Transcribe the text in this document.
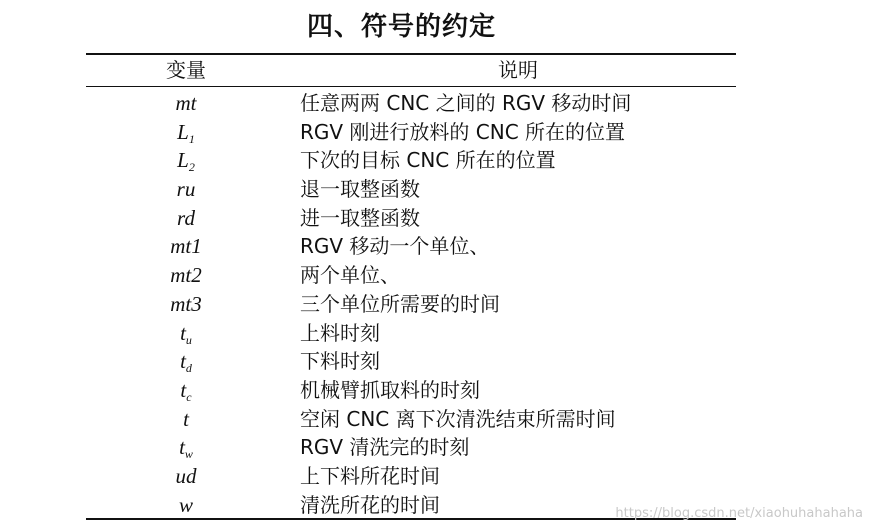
四、符号的约定
变量	说明
mt	任意两两 CNC 之间的 RGV 移动时间
$L_1$	RGV 刚进行放料的 CNC 所在的位置
$L_2$	下次的目标 CNC 所在的位置
ru	退一取整函数
rd	进一取整函数
mt1	RGV 移动一个单位、
mt2	两个单位、
mt3	三个单位所需要的时间
$t_u$	上料时刻
$t_d$	下料时刻
$t_c$	机械臂抓取料的时刻
t	空闲 CNC 离下次清洗结束所需时间
$t_w$	RGV 清洗完的时刻
ud	上下料所花时间
w	清洗所花的时间	https://blog.csdn.net/xiaohuhahahaha
